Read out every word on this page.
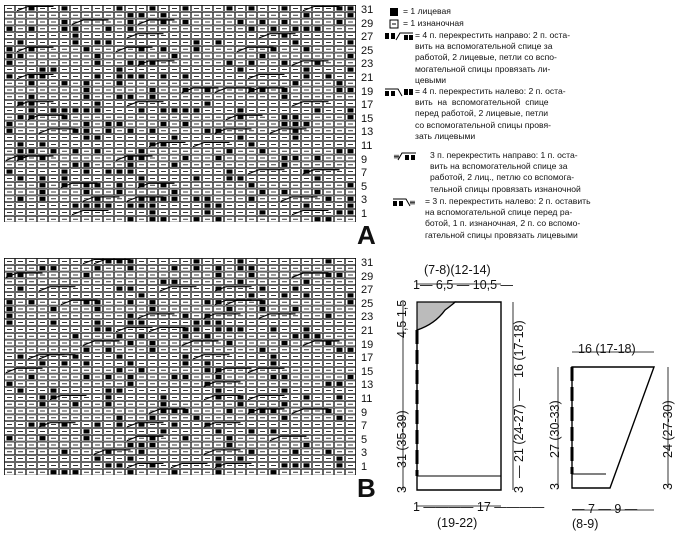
31
29
27
25
23
21
19
17
15
13
11
9
7
5
3
1
A
31
29
27
25
23
21
19
17
15
13
11
9
7
5
3
1
B
= 1 лицевая
= 1 изнаночная
= 4 п. перекрестить направо: 2 п. оста-
вить на вспомогательной спице за
работой, 2 лицевые, петли со вспо-
могательной спицы провязать ли-
цевыми
= 4 п. перекрестить налево: 2 п. оста-
вить  на  вспомогательной  спице
перед работой, 2 лицевые, петли
со вспомогательной спицы провя-
зать лицевыми
≡	3 п. перекрестить направо: 1 п. оста-
вить на вспомогательной спице за
работой, 2 лиц., петлю со вспомога-
тельной спицы провязать изнаночной
≡ = 3 п. перекрестить налево: 2 п. оставить
на вспомогательной спице перед ра-
ботой, 1 п. изнаночная, 2 п. со вспомо-
гательной спицы провязать лицевыми
(7-8)(12-14)
1— 6,5 — 10,5 —
4,5 1,5
31 (35-39)
3
16 (17-18)
— 21 (24-27) —
3
1 ———— 17 ————
(19-22)
16 (17-18)
27 (30-33)
3
24 (27-30)
3
— 7 — 9 —
(8-9)
